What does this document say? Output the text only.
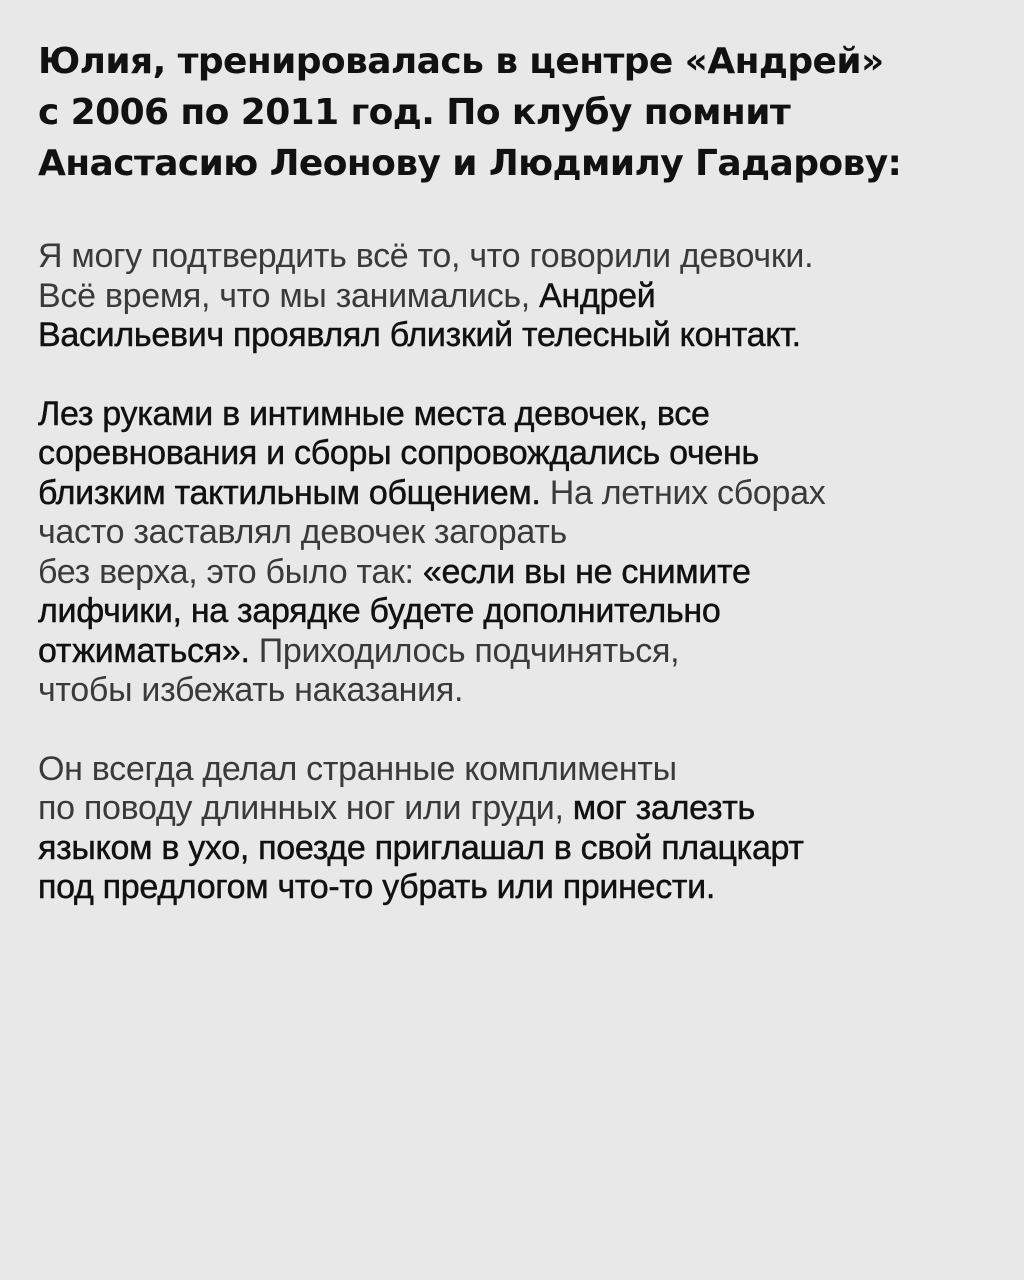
Юлия, тренировалась в центре «Андрей»
с 2006 по 2011 год. По клубу помнит
Анастасию Леонову и Людмилу Гадарову:

Я могу подтвердить всё то, что говорили девочки.
Всё время, что мы занимались, Андрей
Васильевич проявлял близкий телесный контакт.

Лез руками в интимные места девочек, все
соревнования и сборы сопровождались очень
близким тактильным общением. На летних сборах
часто заставлял девочек загорать
без верха, это было так: «если вы не снимите
лифчики, на зарядке будете дополнительно
отжиматься». Приходилось подчиняться,
чтобы избежать наказания.

Он всегда делал странные комплименты
по поводу длинных ног или груди, мог залезть
языком в ухо, поезде приглашал в свой плацкарт
под предлогом что-то убрать или принести.
